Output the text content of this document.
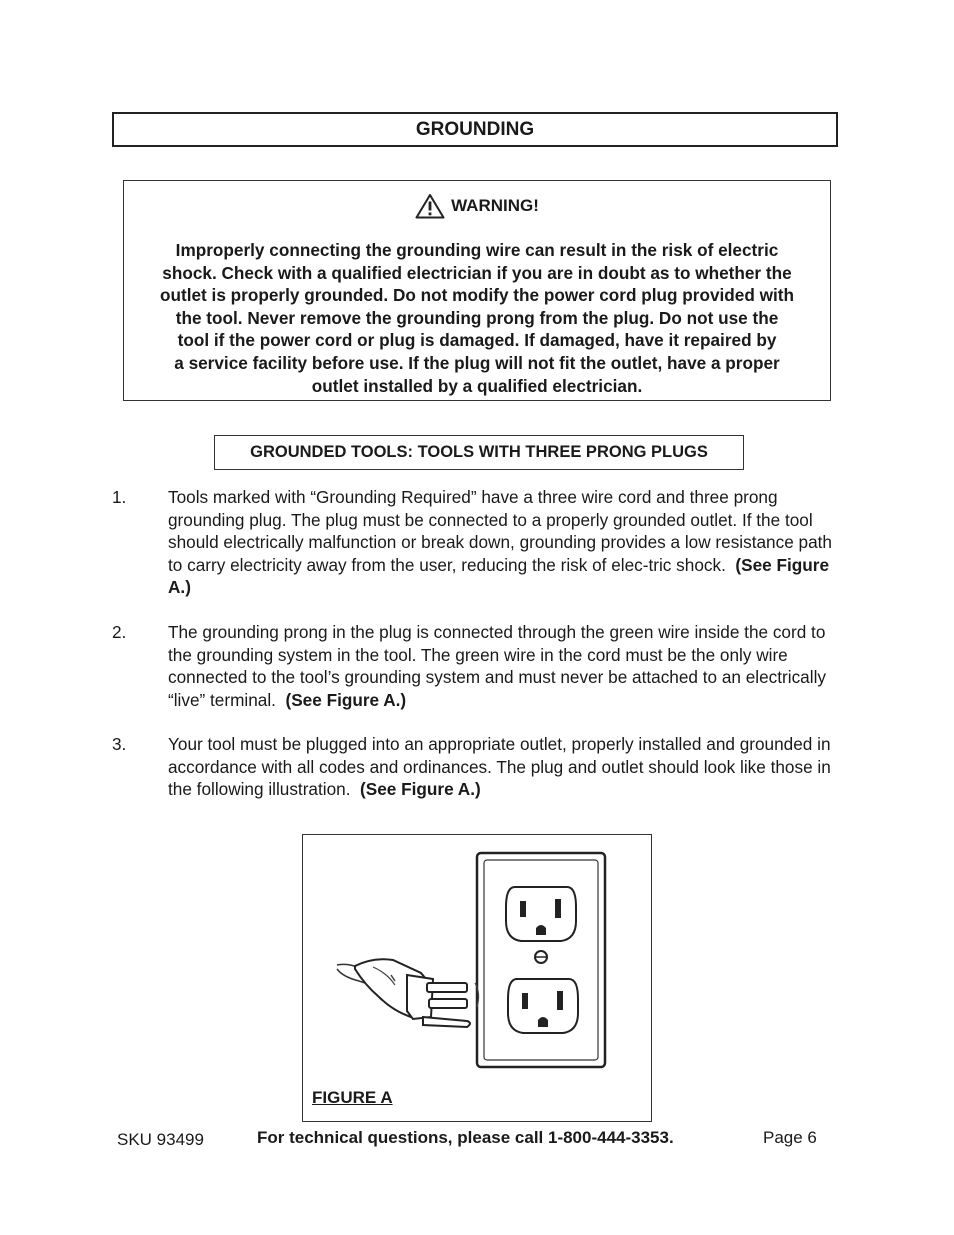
GROUNDING
WARNING!

Improperly connecting the grounding wire can result in the risk of electric
shock. Check with a qualified electrician if you are in doubt as to whether the
outlet is properly grounded. Do not modify the power cord plug provided with
the tool. Never remove the grounding prong from the plug. Do not use the
tool if the power cord or plug is damaged. If damaged, have it repaired by
a service facility before use. If the plug will not fit the outlet, have a proper
outlet installed by a qualified electrician.

GROUNDED TOOLS: TOOLS WITH THREE PRONG PLUGS
1. Tools marked with “Grounding Required” have a three wire cord and three prong grounding plug. The plug must be connected to a properly grounded outlet. If the tool should electrically malfunction or break down, grounding provides a low resistance path to carry electricity away from the user, reducing the risk of elec-tric shock. (See Figure A.)

2. The grounding prong in the plug is connected through the green wire inside the cord to the grounding system in the tool. The green wire in the cord must be the only wire connected to the tool’s grounding system and must never be attached to an electrically “live” terminal. (See Figure A.)

3. Your tool must be plugged into an appropriate outlet, properly installed and grounded in accordance with all codes and ordinances. The plug and outlet should look like those in the following illustration. (See Figure A.)

FIGURE A
SKU 93499	For technical questions, please call 1-800-444-3353.	Page 6
